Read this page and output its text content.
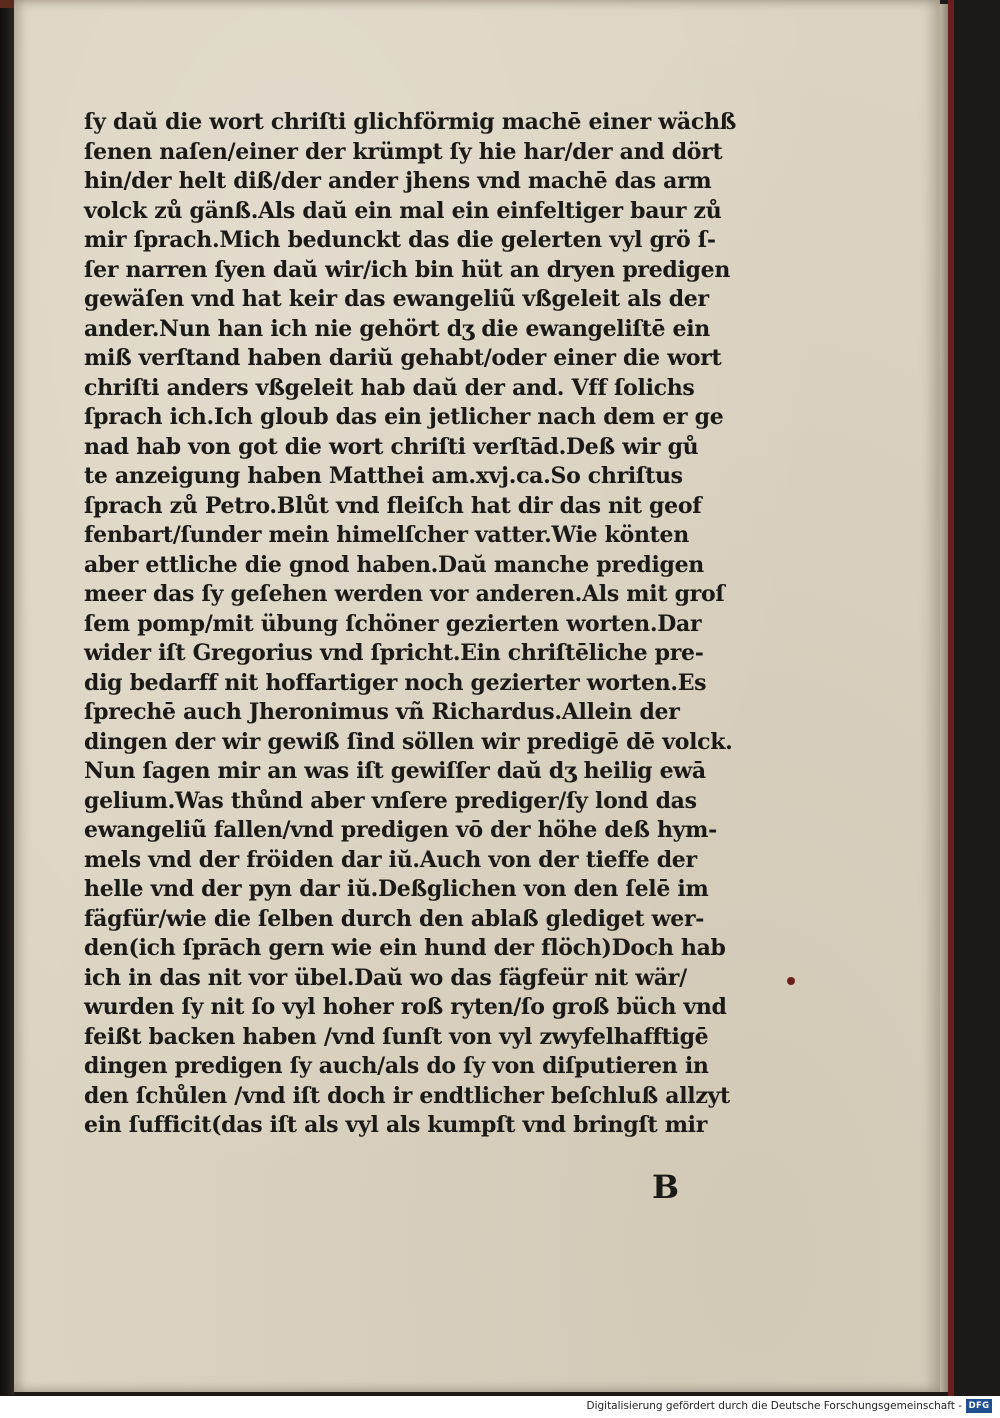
ſy daŭ die wort chriſti glichförmig machē einer wächß
ſenen naſen/einer der krümpt ſy hie har/der and dört
hin/der helt diß/der ander jhens vnd machē das arm
volck zů gänß.Als daŭ ein mal ein einfeltiger baur zů
mir ſprach.Mich bedunckt das die gelerten vyl grö ſ-
ſer narren ſyen daŭ wir/ich bin hüt an dryen predigen
gewäſen vnd hat keir das ewangeliũ vßgeleit als der
ander.Nun han ich nie gehört dʒ die ewangeliſtē ein
miß verſtand haben dariŭ gehabt/oder einer die wort
chriſti anders vßgeleit hab daŭ der and. Vff ſolichs
ſprach ich.Ich gloub das ein jetlicher nach dem er ge
nad hab von got die wort chriſti verſtād.Deß wir gů
te anzeigung haben Matthei am.xvj.ca.So chriſtus
ſprach zů Petro.Blůt vnd fleiſch hat dir das nit geof
fenbart/ſunder mein himelſcher vatter.Wie könten
aber ettliche die gnod haben.Daŭ manche predigen
meer das ſy geſehen werden vor anderen.Als mit groſ
ſem pomp/mit übung ſchöner gezierten worten.Dar
wider iſt Gregorius vnd ſpricht.Ein chriſtēliche pre-
dig bedarff nit hoffartiger noch gezierter worten.Es
ſprechē auch Jheronimus vñ Richardus.Allein der
dingen der wir gewiß ſind söllen wir predigē dē volck.
Nun ſagen mir an was iſt gewiſſer daŭ dʒ heilig ewā
gelium.Was thůnd aber vnſere prediger/ſy lond das
ewangeliũ fallen/vnd predigen vō der höhe deß hym-
mels vnd der fröiden dar iŭ.Auch von der tieffe der
helle vnd der pyn dar iŭ.Deßglichen von den ſelē im
fägfür/wie die ſelben durch den ablaß glediget wer-
den(ich ſprāch gern wie ein hund der flöch)Doch hab
ich in das nit vor übel.Daŭ wo das fägfeür nit wär/
wurden ſy nit ſo vyl hoher roß ryten/ſo groß büch vnd
feißt backen haben /vnd ſunſt von vyl zwyfelhafftigē
dingen predigen ſy auch/als do ſy von diſputieren in
den ſchůlen /vnd iſt doch ir endtlicher beſchluß allzyt
ein ſufficit(das iſt als vyl als kumpſt vnd bringſt mir
B
Digitalisierung gefördert durch die Deutsche Forschungsgemeinschaft - DFG
